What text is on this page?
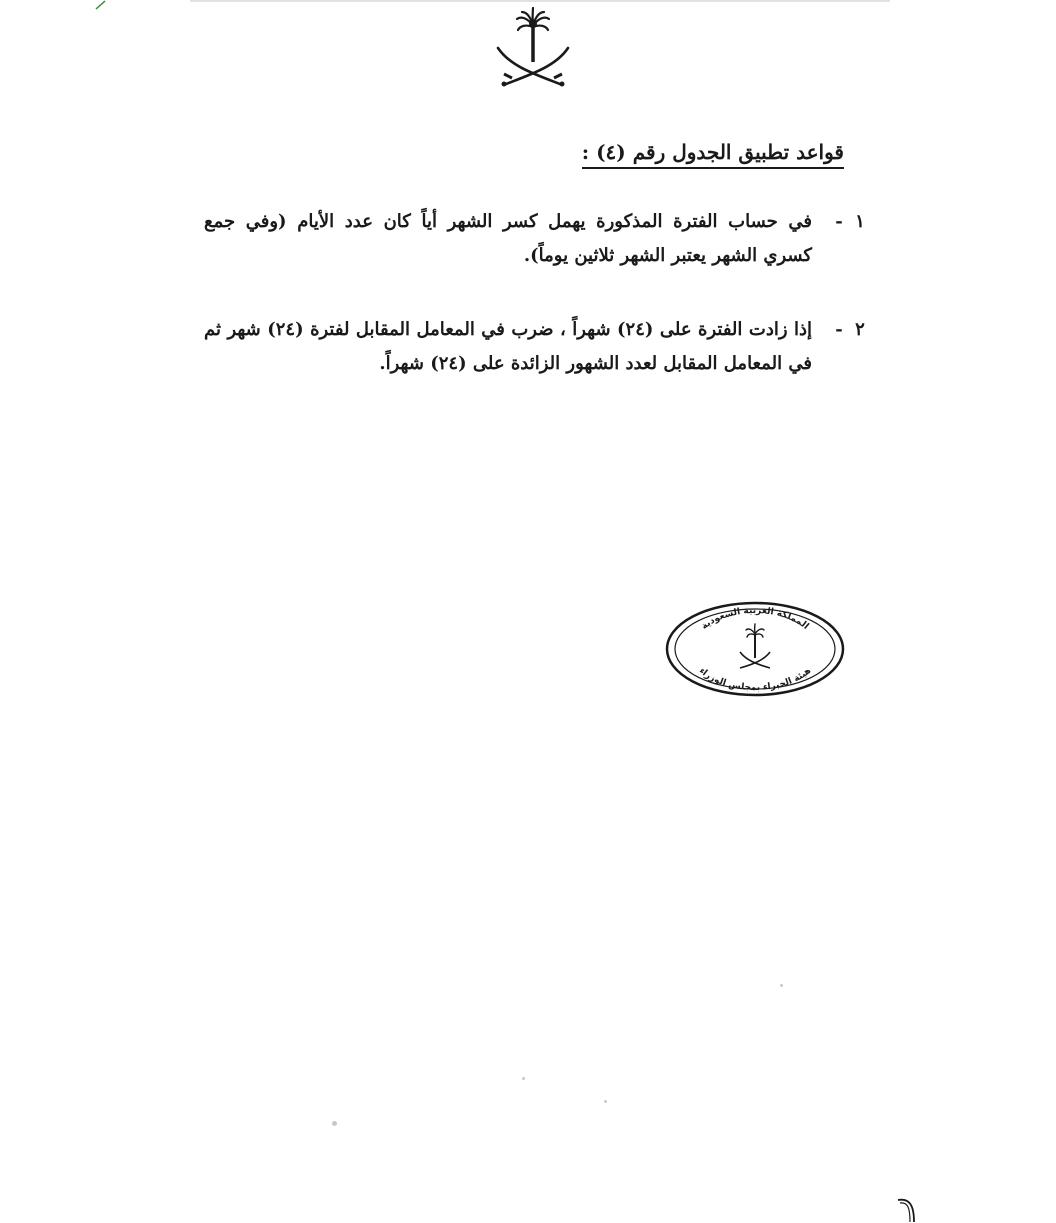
قواعد تطبيق الجدول رقم (٤) :
١
-
في حساب الفترة المذكورة يهمل كسر الشهر أياً كان عدد الأيام (وفي جمع كسري الشهر يعتبر الشهر ثلاثين يوماً).
٢
-
إذا زادت الفترة على (٢٤) شهراً ، ضرب في المعامل المقابل لفترة (٢٤) شهر ثم في المعامل المقابل لعدد الشهور الزائدة على (٢٤) شهراً.
المملكة العربية السعودية
هيئة الخبراء بمجلس الوزراء
